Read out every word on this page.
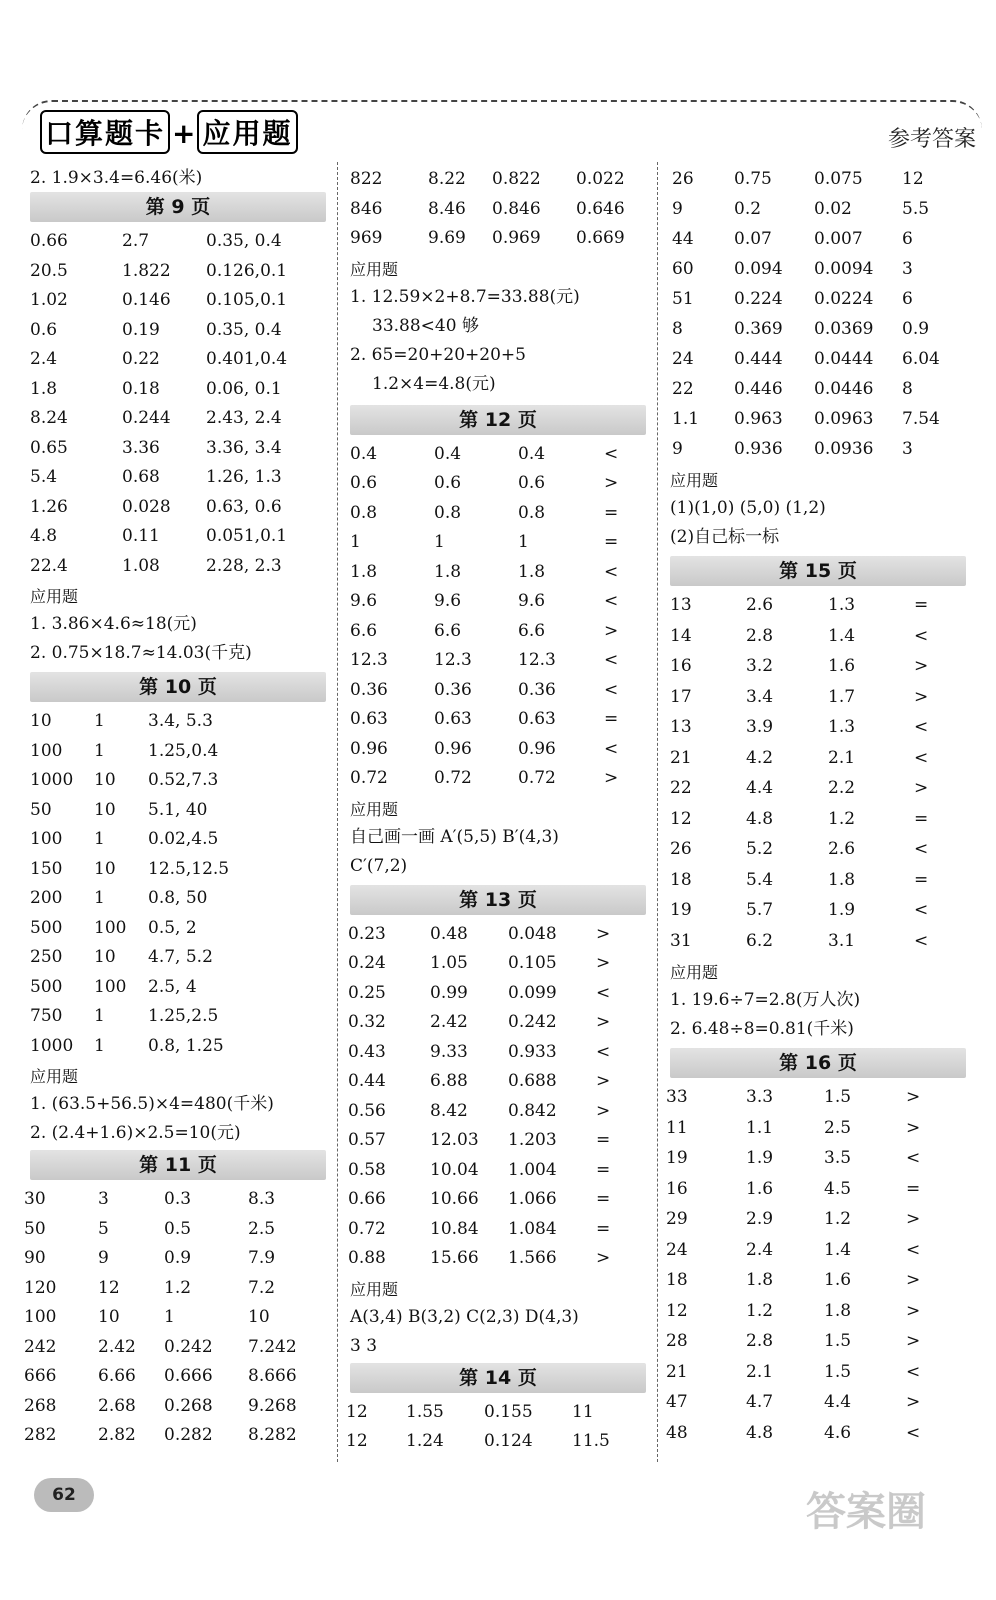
口算题卡 + 应用题	参考答案
2. 1.9×3.4=6.46(米)
第 9 页
0.66	2.7	0.35, 0.4
20.5	1.822 0.126,0.1
1.02	0.146 0.105,0.1
0.6	0.19	0.35, 0.4
2.4	0.22	0.401,0.4
1.8	0.18	0.06, 0.1
8.24	0.244 2.43, 2.4
0.65	3.36	3.36, 3.4
5.4	0.68	1.26, 1.3
1.26	0.028 0.63, 0.6
4.8	0.11	0.051,0.1
22.4	1.08	2.28, 2.3
应用题
1. 3.86×4.6≈18(元)
2. 0.75×18.7≈14.03(千克)
第 10 页
10 1	3.4, 5.3
100 1	1.25,0.4
1000 10 0.52,7.3
50 10 5.1, 40
100 1	0.02,4.5
150 10 12.5,12.5
200 1	0.8, 50
500 100 0.5, 2
250 10 4.7, 5.2
500 100 2.5, 4
750 1	1.25,2.5
1000 1	0.8, 1.25
应用题
1. (63.5+56.5)×4=480(千米)
2. (2.4+1.6)×2.5=10(元)
第 11 页
30	3	0.3	8.3
50	5	0.5	2.5
90	9	0.9	7.9
120 12	1.2	7.2
100 10	1	10
242 2.42 0.242 7.242
666 6.66 0.666 8.666
268 2.68 0.268 9.268
282 2.82 0.282 8.282
822	8.22 0.822 0.022
846	8.46 0.846 0.646
969	9.69 0.969 0.669
应用题
1. 12.59×2+8.7=33.88(元)
33.88<40 够
2. 65=20+20+20+5
1.2×4=4.8(元)
第 12 页
0.4	0.4	0.4	<
0.6	0.6	0.6	>
0.8	0.8	0.8	=
1	1	1	=
1.8	1.8	1.8	<
9.6	9.6	9.6	<
6.6	6.6	6.6	>
12.3	12.3	12.3	<
0.36	0.36	0.36	<
0.63	0.63	0.63	=
0.96	0.96	0.96	<
0.72	0.72	0.72	>
应用题
自己画一画 A′(5,5) B′(4,3)
C′(7,2)
第 13 页
0.23	0.48 0.048 >
0.24	1.05 0.105 >
0.25	0.99 0.099 <
0.32	2.42 0.242 >
0.43	9.33 0.933 <
0.44	6.88 0.688 >
0.56	8.42 0.842 >
0.57	12.03 1.203 =
0.58	10.04 1.004 =
0.66	10.66 1.066 =
0.72	10.84 1.084 =
0.88	15.66 1.566 >
应用题
A(3,4) B(3,2) C(2,3) D(4,3)
3 3
第 14 页
12 1.55 0.155 11
12 1.24 0.124 11.5
26 0.75 0.075 12
9	0.2	0.02	5.5
44 0.07 0.007 6
60 0.094 0.0094 3
51 0.224 0.0224 6
8	0.369 0.0369 0.9
24 0.444 0.0444 6.04
22 0.446 0.0446 8
1.1 0.963 0.0963 7.54
9	0.936 0.0936 3
应用题
(1)(1,0) (5,0) (1,2)
(2)自己标一标
第 15 页
13	2.6	1.3	=
14	2.8	1.4	<
16	3.2	1.6	>
17	3.4	1.7	>
13	3.9	1.3	<
21	4.2	2.1	<
22	4.4	2.2	>
12	4.8	1.2	=
26	5.2	2.6	<
18	5.4	1.8	=
19	5.7	1.9	<
31	6.2	3.1	<
应用题
1. 19.6÷7=2.8(万人次)
2. 6.48÷8=0.81(千米)
第 16 页
33	3.3	1.5	>
11	1.1	2.5	>
19	1.9	3.5	<
16	1.6	4.5	=
29	2.9	1.2	>
24	2.4	1.4	<
18	1.8	1.6	>
12	1.2	1.8	>
28	2.8	1.5	>
21	2.1	1.5	<
47	4.7	4.4	>
48	4.8	4.6	<
62	答案圈
